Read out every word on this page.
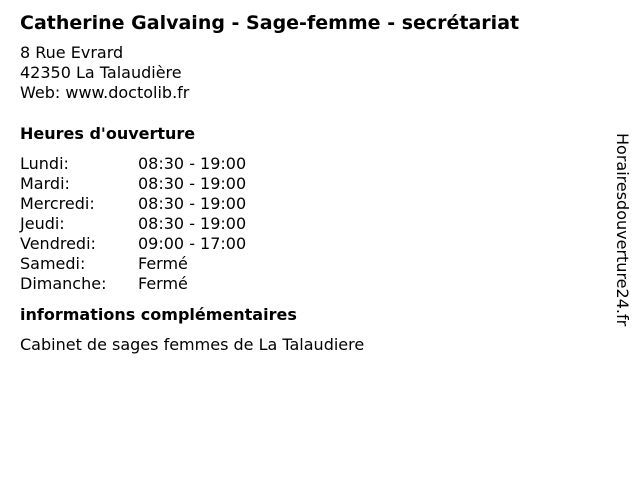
Catherine Galvaing - Sage-femme - secrétariat
8 Rue Evrard
42350 La Talaudière
Web: www.doctolib.fr
Heures d'ouverture
Lundi:	08:30 - 19:00
Mardi:	08:30 - 19:00
Mercredi:	08:30 - 19:00
Jeudi:	08:30 - 19:00
Vendredi:	09:00 - 17:00
Samedi:	Fermé
Dimanche:	Fermé
informations complémentaires
Cabinet de sages femmes de La Talaudiere
Horairesdouverture24.fr
